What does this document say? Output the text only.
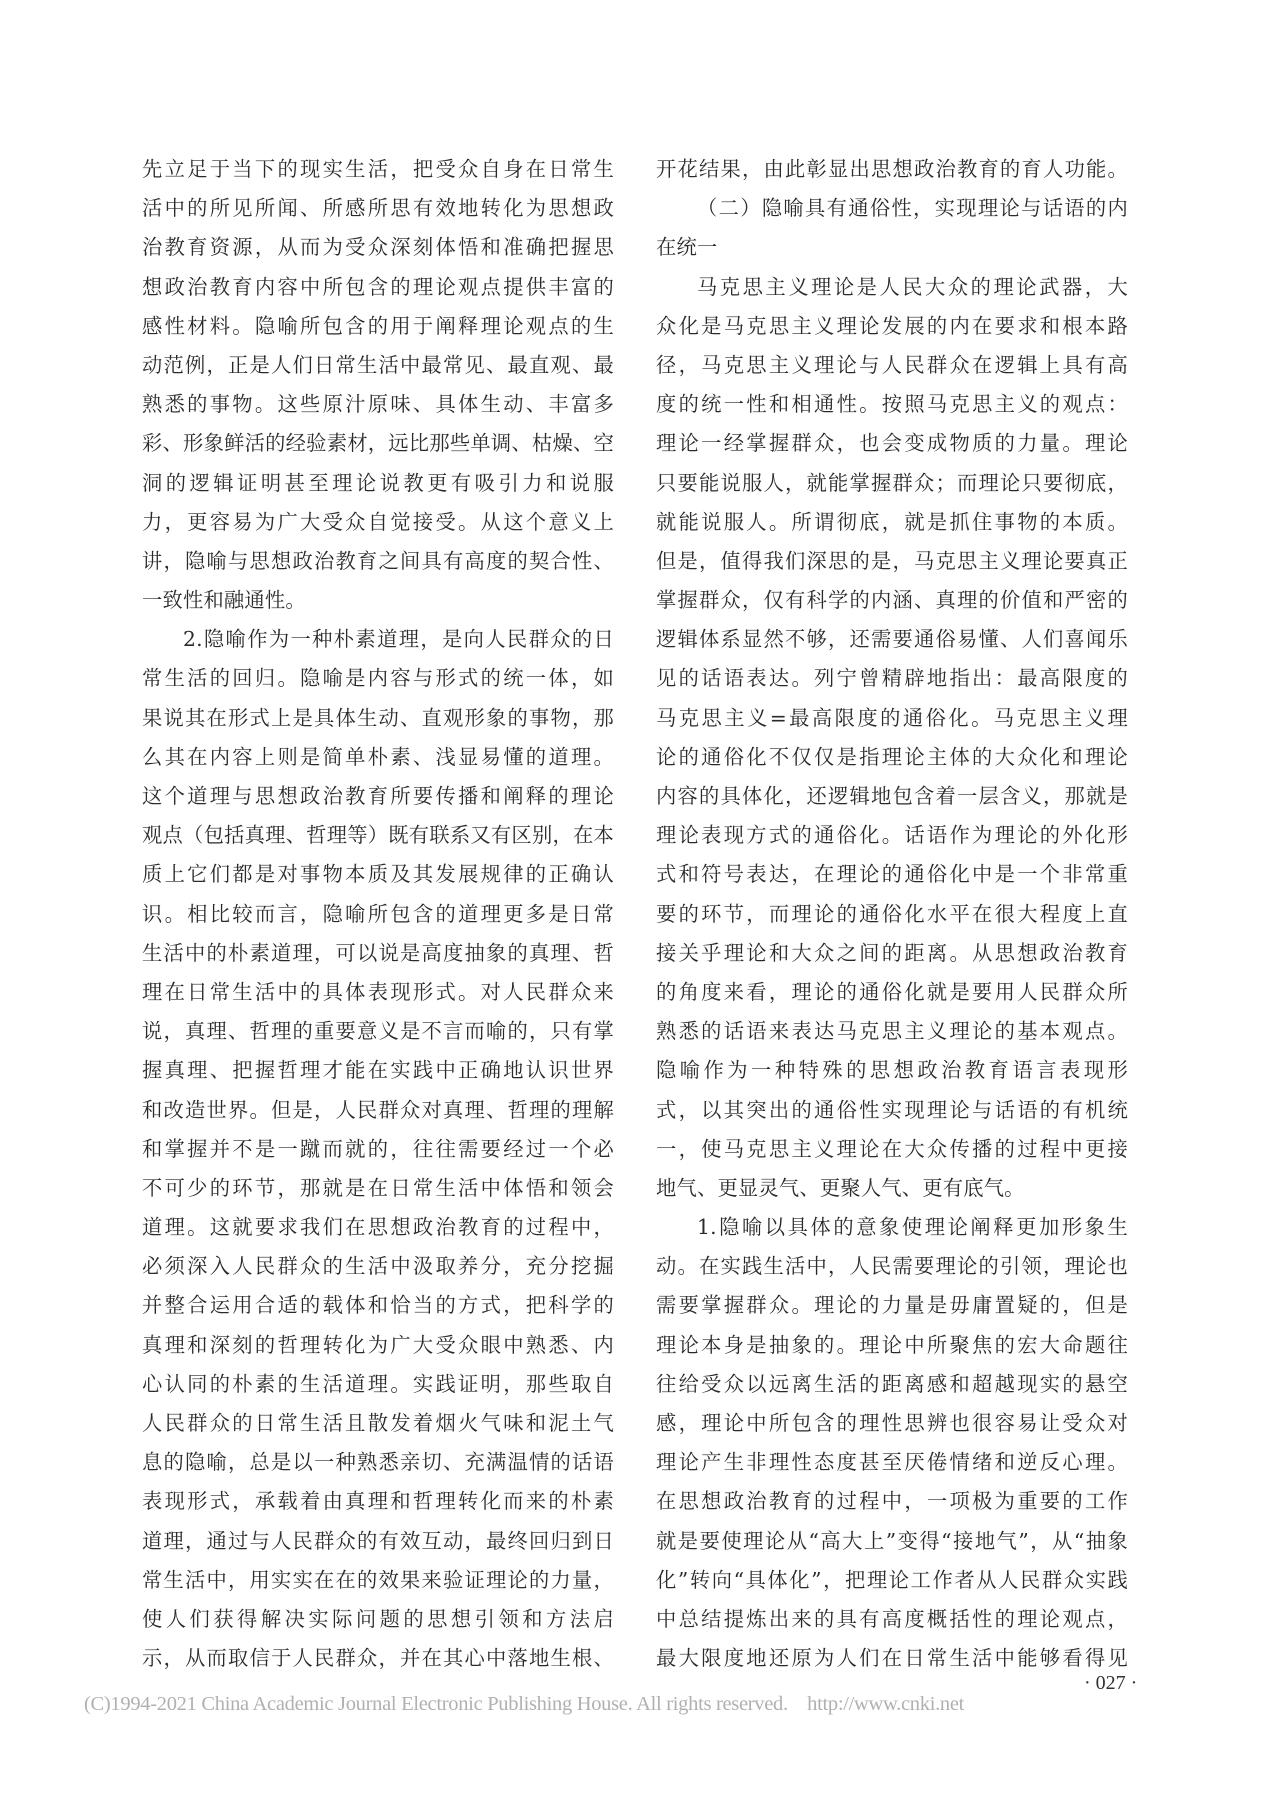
先立足于当下的现实生活，把受众自身在日常生
活中的所见所闻、所感所思有效地转化为思想政
治教育资源，从而为受众深刻体悟和准确把握思
想政治教育内容中所包含的理论观点提供丰富的
感性材料。隐喻所包含的用于阐释理论观点的生
动范例，正是人们日常生活中最常见、最直观、最
熟悉的事物。这些原汁原味、具体生动、丰富多
彩、形象鲜活的经验素材，远比那些单调、枯燥、空
洞的逻辑证明甚至理论说教更有吸引力和说服
力，更容易为广大受众自觉接受。从这个意义上
讲，隐喻与思想政治教育之间具有高度的契合性、
一致性和融通性。
2.隐喻作为一种朴素道理，是向人民群众的日
常生活的回归。隐喻是内容与形式的统一体，如
果说其在形式上是具体生动、直观形象的事物，那
么其在内容上则是简单朴素、浅显易懂的道理。
这个道理与思想政治教育所要传播和阐释的理论
观点（包括真理、哲理等）既有联系又有区别，在本
质上它们都是对事物本质及其发展规律的正确认
识。相比较而言，隐喻所包含的道理更多是日常
生活中的朴素道理，可以说是高度抽象的真理、哲
理在日常生活中的具体表现形式。对人民群众来
说，真理、哲理的重要意义是不言而喻的，只有掌
握真理、把握哲理才能在实践中正确地认识世界
和改造世界。但是，人民群众对真理、哲理的理解
和掌握并不是一蹴而就的，往往需要经过一个必
不可少的环节，那就是在日常生活中体悟和领会
道理。这就要求我们在思想政治教育的过程中，
必须深入人民群众的生活中汲取养分，充分挖掘
并整合运用合适的载体和恰当的方式，把科学的
真理和深刻的哲理转化为广大受众眼中熟悉、内
心认同的朴素的生活道理。实践证明，那些取自
人民群众的日常生活且散发着烟火气味和泥土气
息的隐喻，总是以一种熟悉亲切、充满温情的话语
表现形式，承载着由真理和哲理转化而来的朴素
道理，通过与人民群众的有效互动，最终回归到日
常生活中，用实实在在的效果来验证理论的力量，
使人们获得解决实际问题的思想引领和方法启
示，从而取信于人民群众，并在其心中落地生根、
开花结果，由此彰显出思想政治教育的育人功能。
（二）隐喻具有通俗性，实现理论与话语的内
在统一
马克思主义理论是人民大众的理论武器，大
众化是马克思主义理论发展的内在要求和根本路
径，马克思主义理论与人民群众在逻辑上具有高
度的统一性和相通性。按照马克思主义的观点：
理论一经掌握群众，也会变成物质的力量。理论
只要能说服人，就能掌握群众；而理论只要彻底，
就能说服人。所谓彻底，就是抓住事物的本质。
但是，值得我们深思的是，马克思主义理论要真正
掌握群众，仅有科学的内涵、真理的价值和严密的
逻辑体系显然不够，还需要通俗易懂、人们喜闻乐
见的话语表达。列宁曾精辟地指出：最高限度的
马克思主义=最高限度的通俗化。马克思主义理
论的通俗化不仅仅是指理论主体的大众化和理论
内容的具体化，还逻辑地包含着一层含义，那就是
理论表现方式的通俗化。话语作为理论的外化形
式和符号表达，在理论的通俗化中是一个非常重
要的环节，而理论的通俗化水平在很大程度上直
接关乎理论和大众之间的距离。从思想政治教育
的角度来看，理论的通俗化就是要用人民群众所
熟悉的话语来表达马克思主义理论的基本观点。
隐喻作为一种特殊的思想政治教育语言表现形
式，以其突出的通俗性实现理论与话语的有机统
一，使马克思主义理论在大众传播的过程中更接
地气、更显灵气、更聚人气、更有底气。
1.隐喻以具体的意象使理论阐释更加形象生
动。在实践生活中，人民需要理论的引领，理论也
需要掌握群众。理论的力量是毋庸置疑的，但是
理论本身是抽象的。理论中所聚焦的宏大命题往
往给受众以远离生活的距离感和超越现实的悬空
感，理论中所包含的理性思辨也很容易让受众对
理论产生非理性态度甚至厌倦情绪和逆反心理。
在思想政治教育的过程中，一项极为重要的工作
就是要使理论从“高大上”变得“接地气”，从“抽象
化”转向“具体化”，把理论工作者从人民群众实践
中总结提炼出来的具有高度概括性的理论观点，
最大限度地还原为人们在日常生活中能够看得见
· 027 ·
(C)1994-2021 China Academic Journal Electronic Publishing House. All rights reserved.    http://www.cnki.net
